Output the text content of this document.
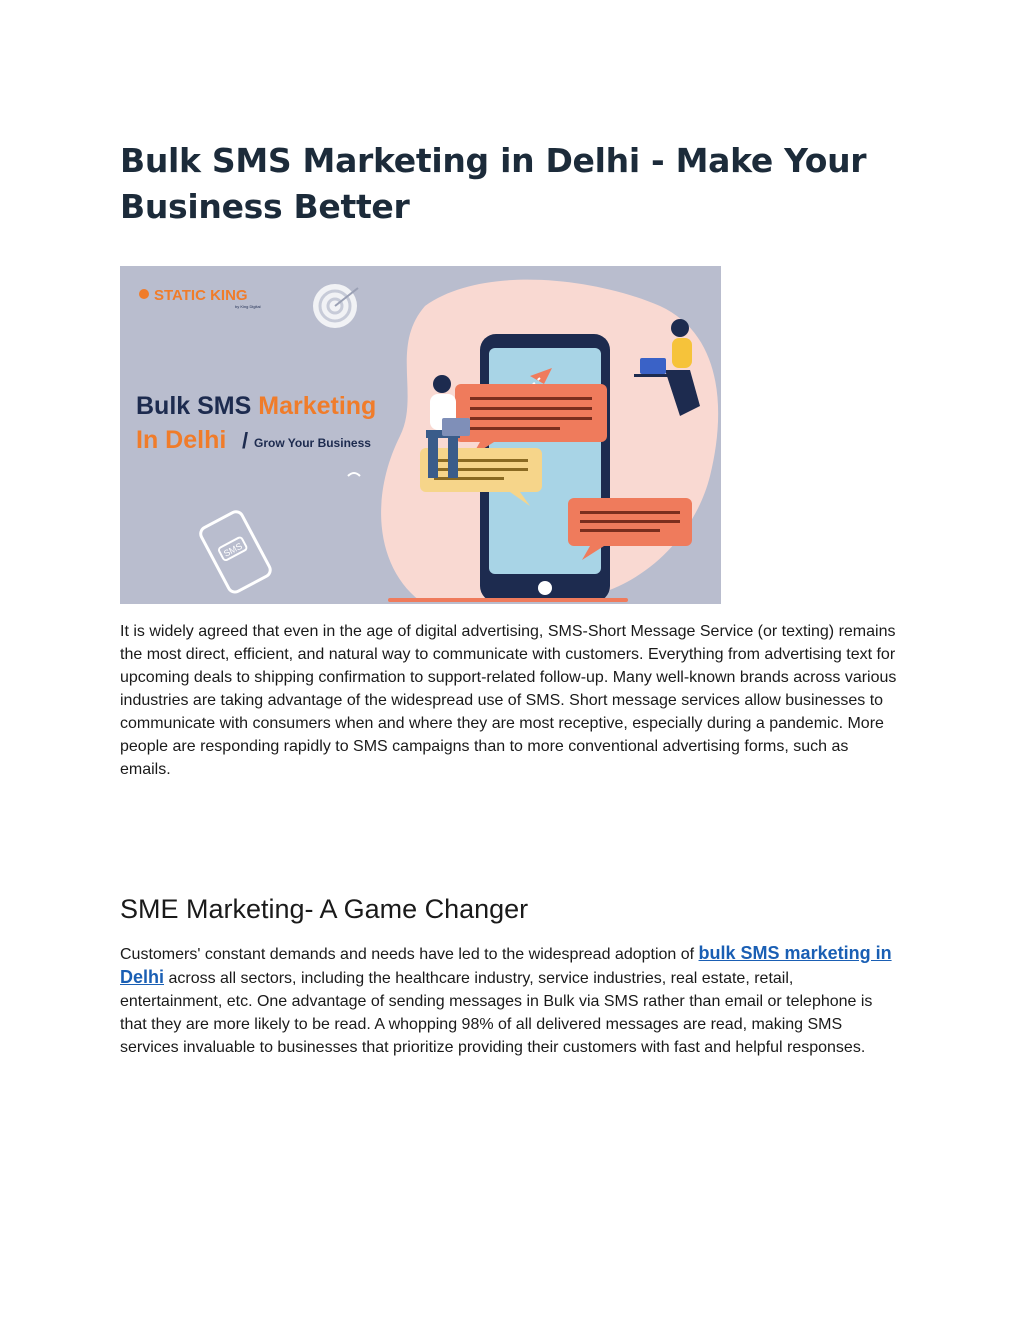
Bulk SMS Marketing in Delhi - Make Your Business Better
STATIC KING
by King Digital
Bulk SMS Marketing
In Delhi / Grow Your Business
SMS

It is widely agreed that even in the age of digital advertising, SMS-Short Message Service (or texting) remains the most direct, efficient, and natural way to communicate with customers. Everything from advertising text for upcoming deals to shipping confirmation to support-related follow-up. Many well-known brands across various industries are taking advantage of the widespread use of SMS. Short message services allow businesses to communicate with consumers when and where they are most receptive, especially during a pandemic. More people are responding rapidly to SMS campaigns than to more conventional advertising forms, such as emails.

SME Marketing- A Game Changer

Customers' constant demands and needs have led to the widespread adoption of bulk SMS marketing in Delhi across all sectors, including the healthcare industry, service industries, real estate, retail, entertainment, etc. One advantage of sending messages in Bulk via SMS rather than email or telephone is that they are more likely to be read. A whopping 98% of all delivered messages are read, making SMS services invaluable to businesses that prioritize providing their customers with fast and helpful responses.
